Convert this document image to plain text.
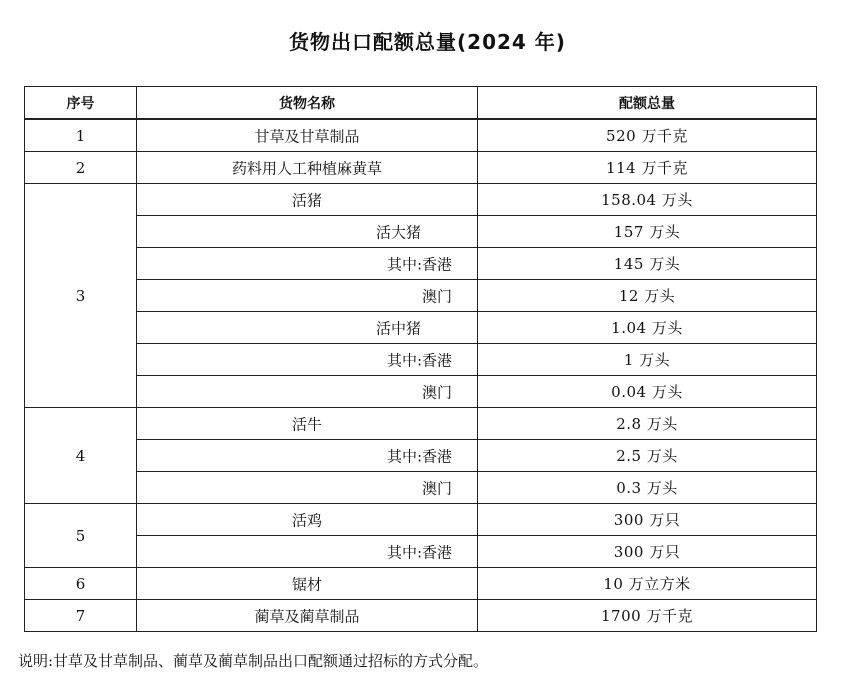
货物出口配额总量(2024 年)
序号	货物名称	配额总量
1	甘草及甘草制品	520 万千克
2	药料用人工种植麻黄草	114 万千克
3	活猪	158.04 万头

	活大猪	157 万头

	其中:香港	145 万头

	澳门	12 万头

	活中猪	1.04 万头

	其中:香港	1 万头

	澳门	0.04 万头
4	活牛	2.8 万头

	其中:香港	2.5 万头

	澳门	0.3 万头
5	活鸡	300 万只

	其中:香港	300 万只
6	锯材	10 万立方米
7	蔺草及蔺草制品	1700 万千克
说明:甘草及甘草制品、蔺草及蔺草制品出口配额通过招标的方式分配。
